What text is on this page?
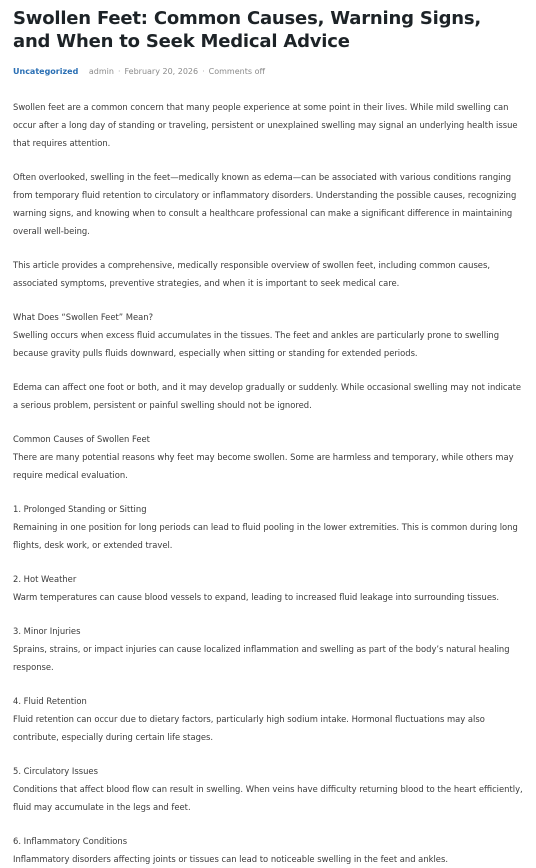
Swollen Feet: Common Causes, Warning Signs, and When to Seek Medical Advice
Uncategorized admin · February 20, 2026 · Comments off

Swollen feet are a common concern that many people experience at some point in their lives. While mild swelling can occur after a long day of standing or traveling, persistent or unexplained swelling may signal an underlying health issue that requires attention.

Often overlooked, swelling in the feet—medically known as edema—can be associated with various conditions ranging from temporary fluid retention to circulatory or inflammatory disorders. Understanding the possible causes, recognizing warning signs, and knowing when to consult a healthcare professional can make a significant difference in maintaining overall well-being.

This article provides a comprehensive, medically responsible overview of swollen feet, including common causes, associated symptoms, preventive strategies, and when it is important to seek medical care.

What Does “Swollen Feet” Mean?
Swelling occurs when excess fluid accumulates in the tissues. The feet and ankles are particularly prone to swelling because gravity pulls fluids downward, especially when sitting or standing for extended periods.

Edema can affect one foot or both, and it may develop gradually or suddenly. While occasional swelling may not indicate a serious problem, persistent or painful swelling should not be ignored.

Common Causes of Swollen Feet
There are many potential reasons why feet may become swollen. Some are harmless and temporary, while others may require medical evaluation.

1. Prolonged Standing or Sitting
Remaining in one position for long periods can lead to fluid pooling in the lower extremities. This is common during long flights, desk work, or extended travel.

2. Hot Weather
Warm temperatures can cause blood vessels to expand, leading to increased fluid leakage into surrounding tissues.

3. Minor Injuries
Sprains, strains, or impact injuries can cause localized inflammation and swelling as part of the body’s natural healing response.

4. Fluid Retention
Fluid retention can occur due to dietary factors, particularly high sodium intake. Hormonal fluctuations may also contribute, especially during certain life stages.

5. Circulatory Issues
Conditions that affect blood flow can result in swelling. When veins have difficulty returning blood to the heart efficiently, fluid may accumulate in the legs and feet.

6. Inflammatory Conditions
Inflammatory disorders affecting joints or tissues can lead to noticeable swelling in the feet and ankles.
